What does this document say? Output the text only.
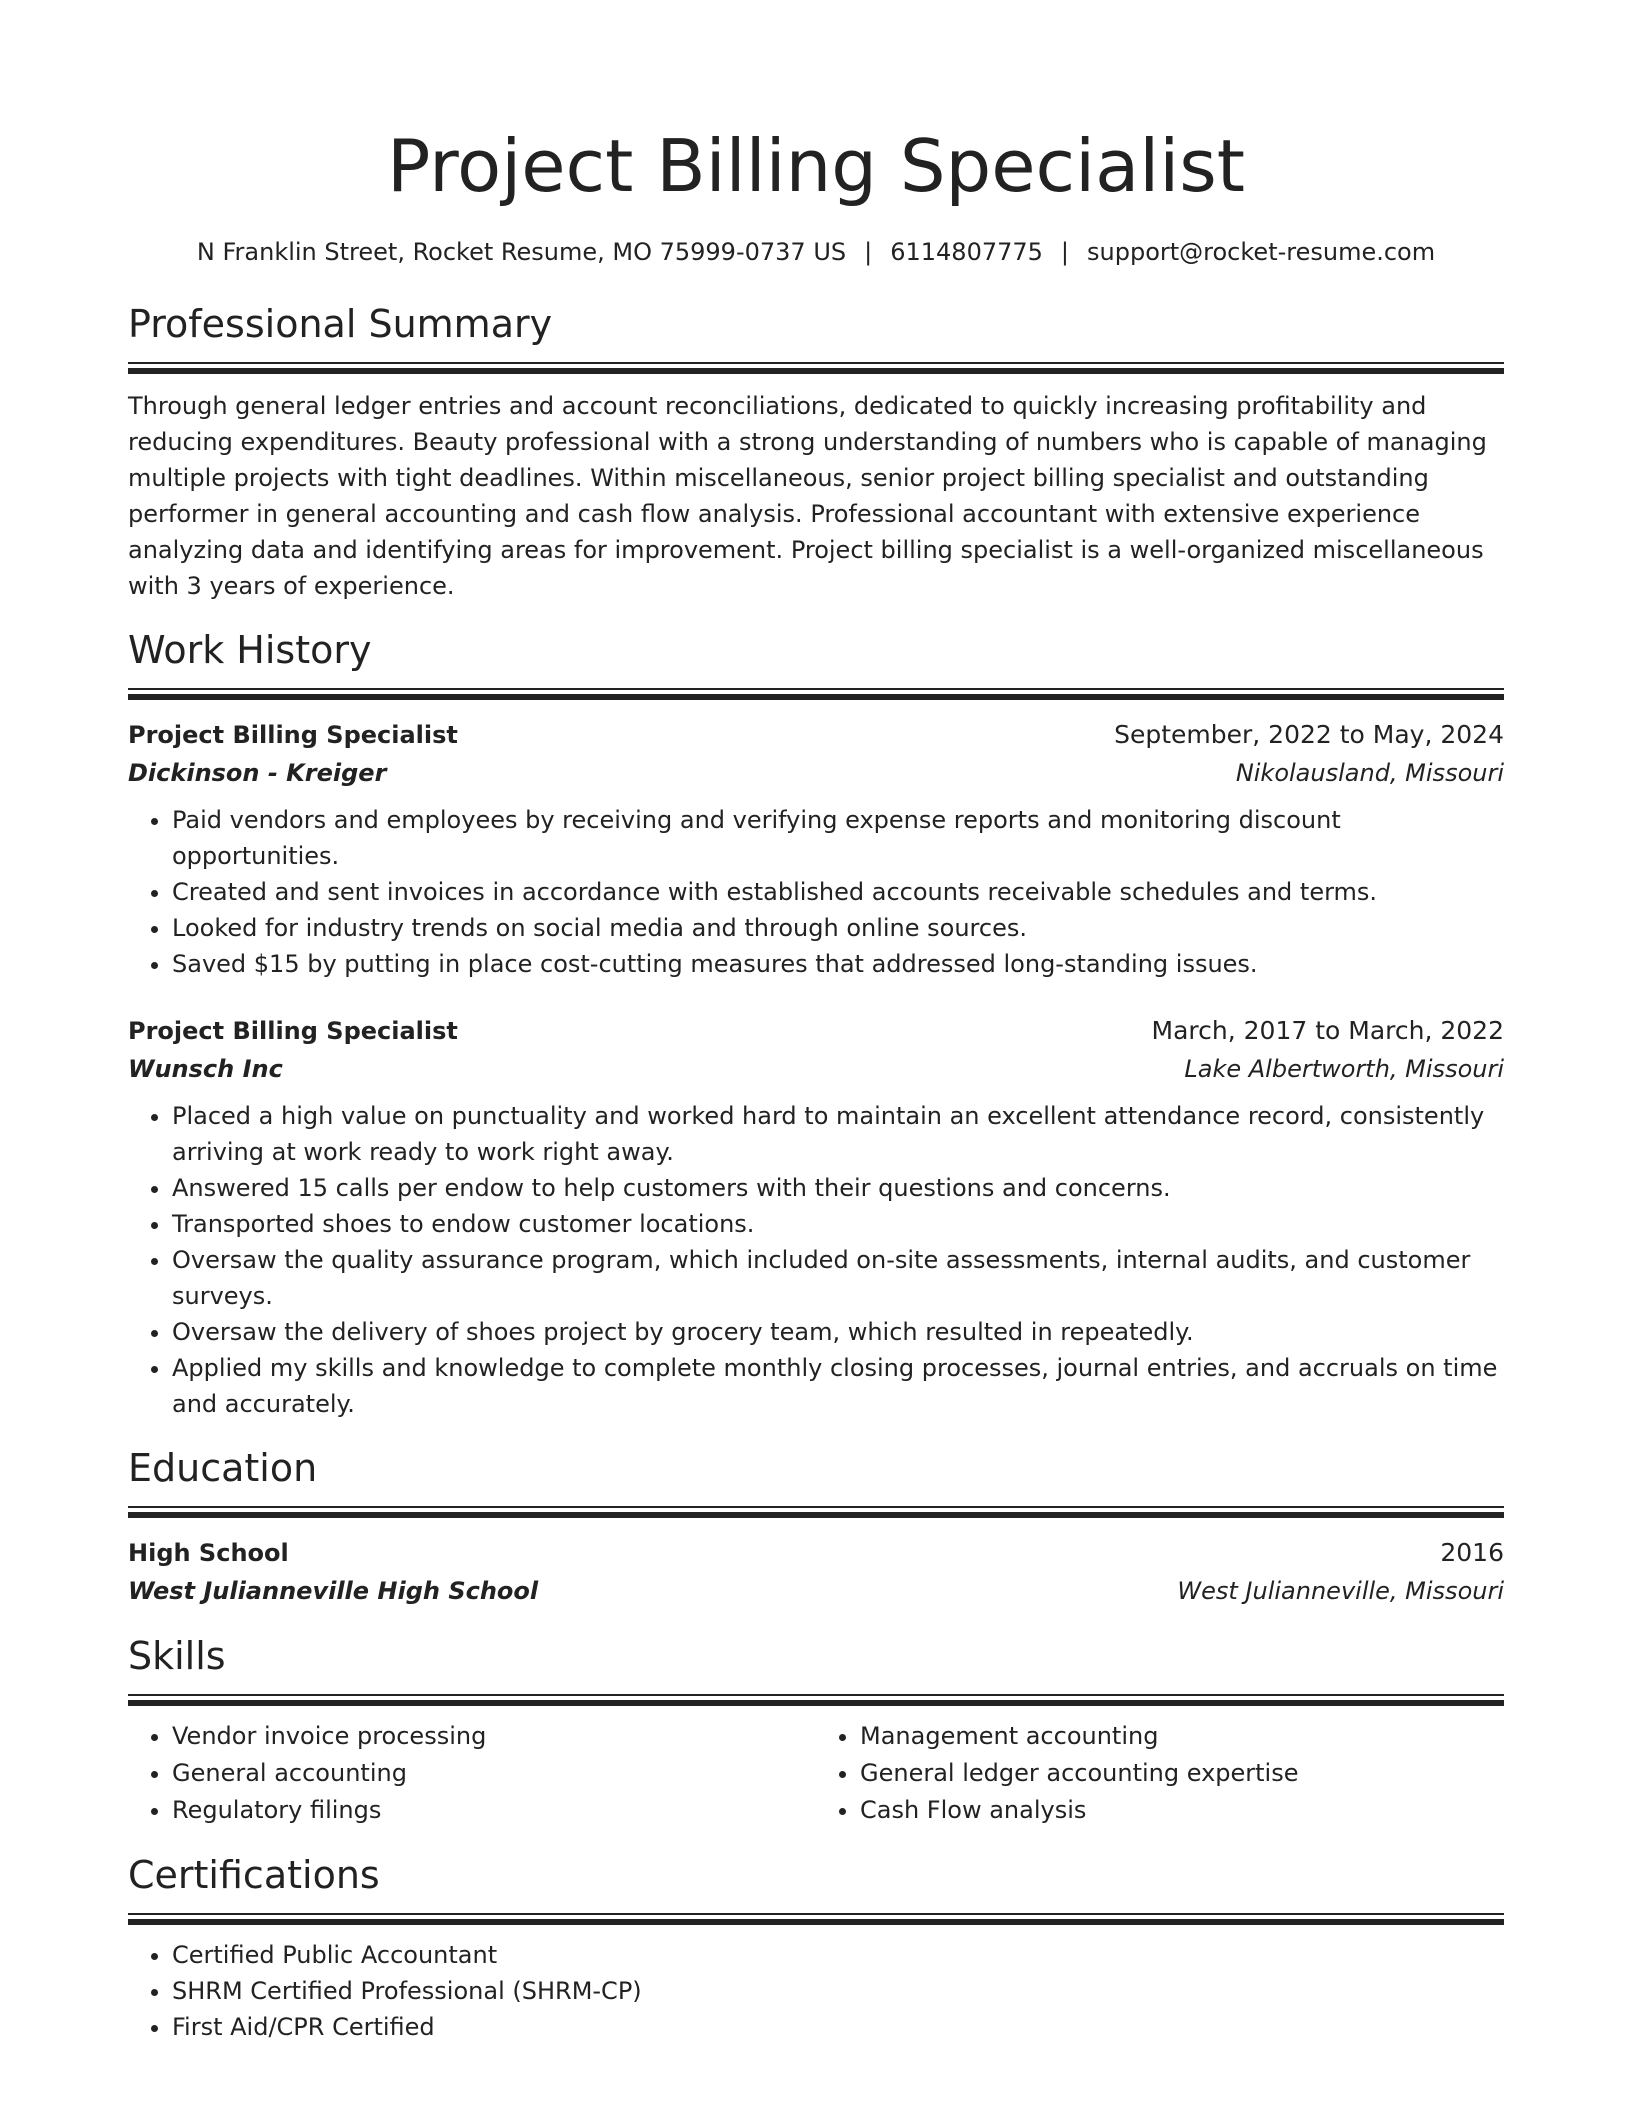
Project Billing Specialist
N Franklin Street, Rocket Resume, MO 75999-0737 US | 6114807775 | support@rocket-resume.com
Professional Summary

Through general ledger entries and account reconciliations, dedicated to quickly increasing profitability and reducing expenditures. Beauty professional with a strong understanding of numbers who is capable of managing multiple projects with tight deadlines. Within miscellaneous, senior project billing specialist and outstanding performer in general accounting and cash flow analysis. Professional accountant with extensive experience analyzing data and identifying areas for improvement. Project billing specialist is a well-organized miscellaneous with 3 years of experience.

Work History
Project Billing Specialist	September, 2022 to May, 2024
Dickinson - Kreiger	Nikolausland, Missouri
• Paid vendors and employees by receiving and verifying expense reports and monitoring discount opportunities.
• Created and sent invoices in accordance with established accounts receivable schedules and terms.
• Looked for industry trends on social media and through online sources.
• Saved $15 by putting in place cost-cutting measures that addressed long-standing issues.
Project Billing Specialist	March, 2017 to March, 2022
Wunsch Inc	Lake Albertworth, Missouri
• Placed a high value on punctuality and worked hard to maintain an excellent attendance record, consistently arriving at work ready to work right away.
• Answered 15 calls per endow to help customers with their questions and concerns.
• Transported shoes to endow customer locations.
• Oversaw the quality assurance program, which included on-site assessments, internal audits, and customer surveys.
• Oversaw the delivery of shoes project by grocery team, which resulted in repeatedly.
• Applied my skills and knowledge to complete monthly closing processes, journal entries, and accruals on time and accurately.
Education
High School	2016
West Julianneville High School	West Julianneville, Missouri
Skills
• Vendor invoice processing
• General accounting
• Regulatory filings
• Management accounting
• General ledger accounting expertise
• Cash Flow analysis
Certifications
• Certified Public Accountant
• SHRM Certified Professional (SHRM-CP)
• First Aid/CPR Certified
